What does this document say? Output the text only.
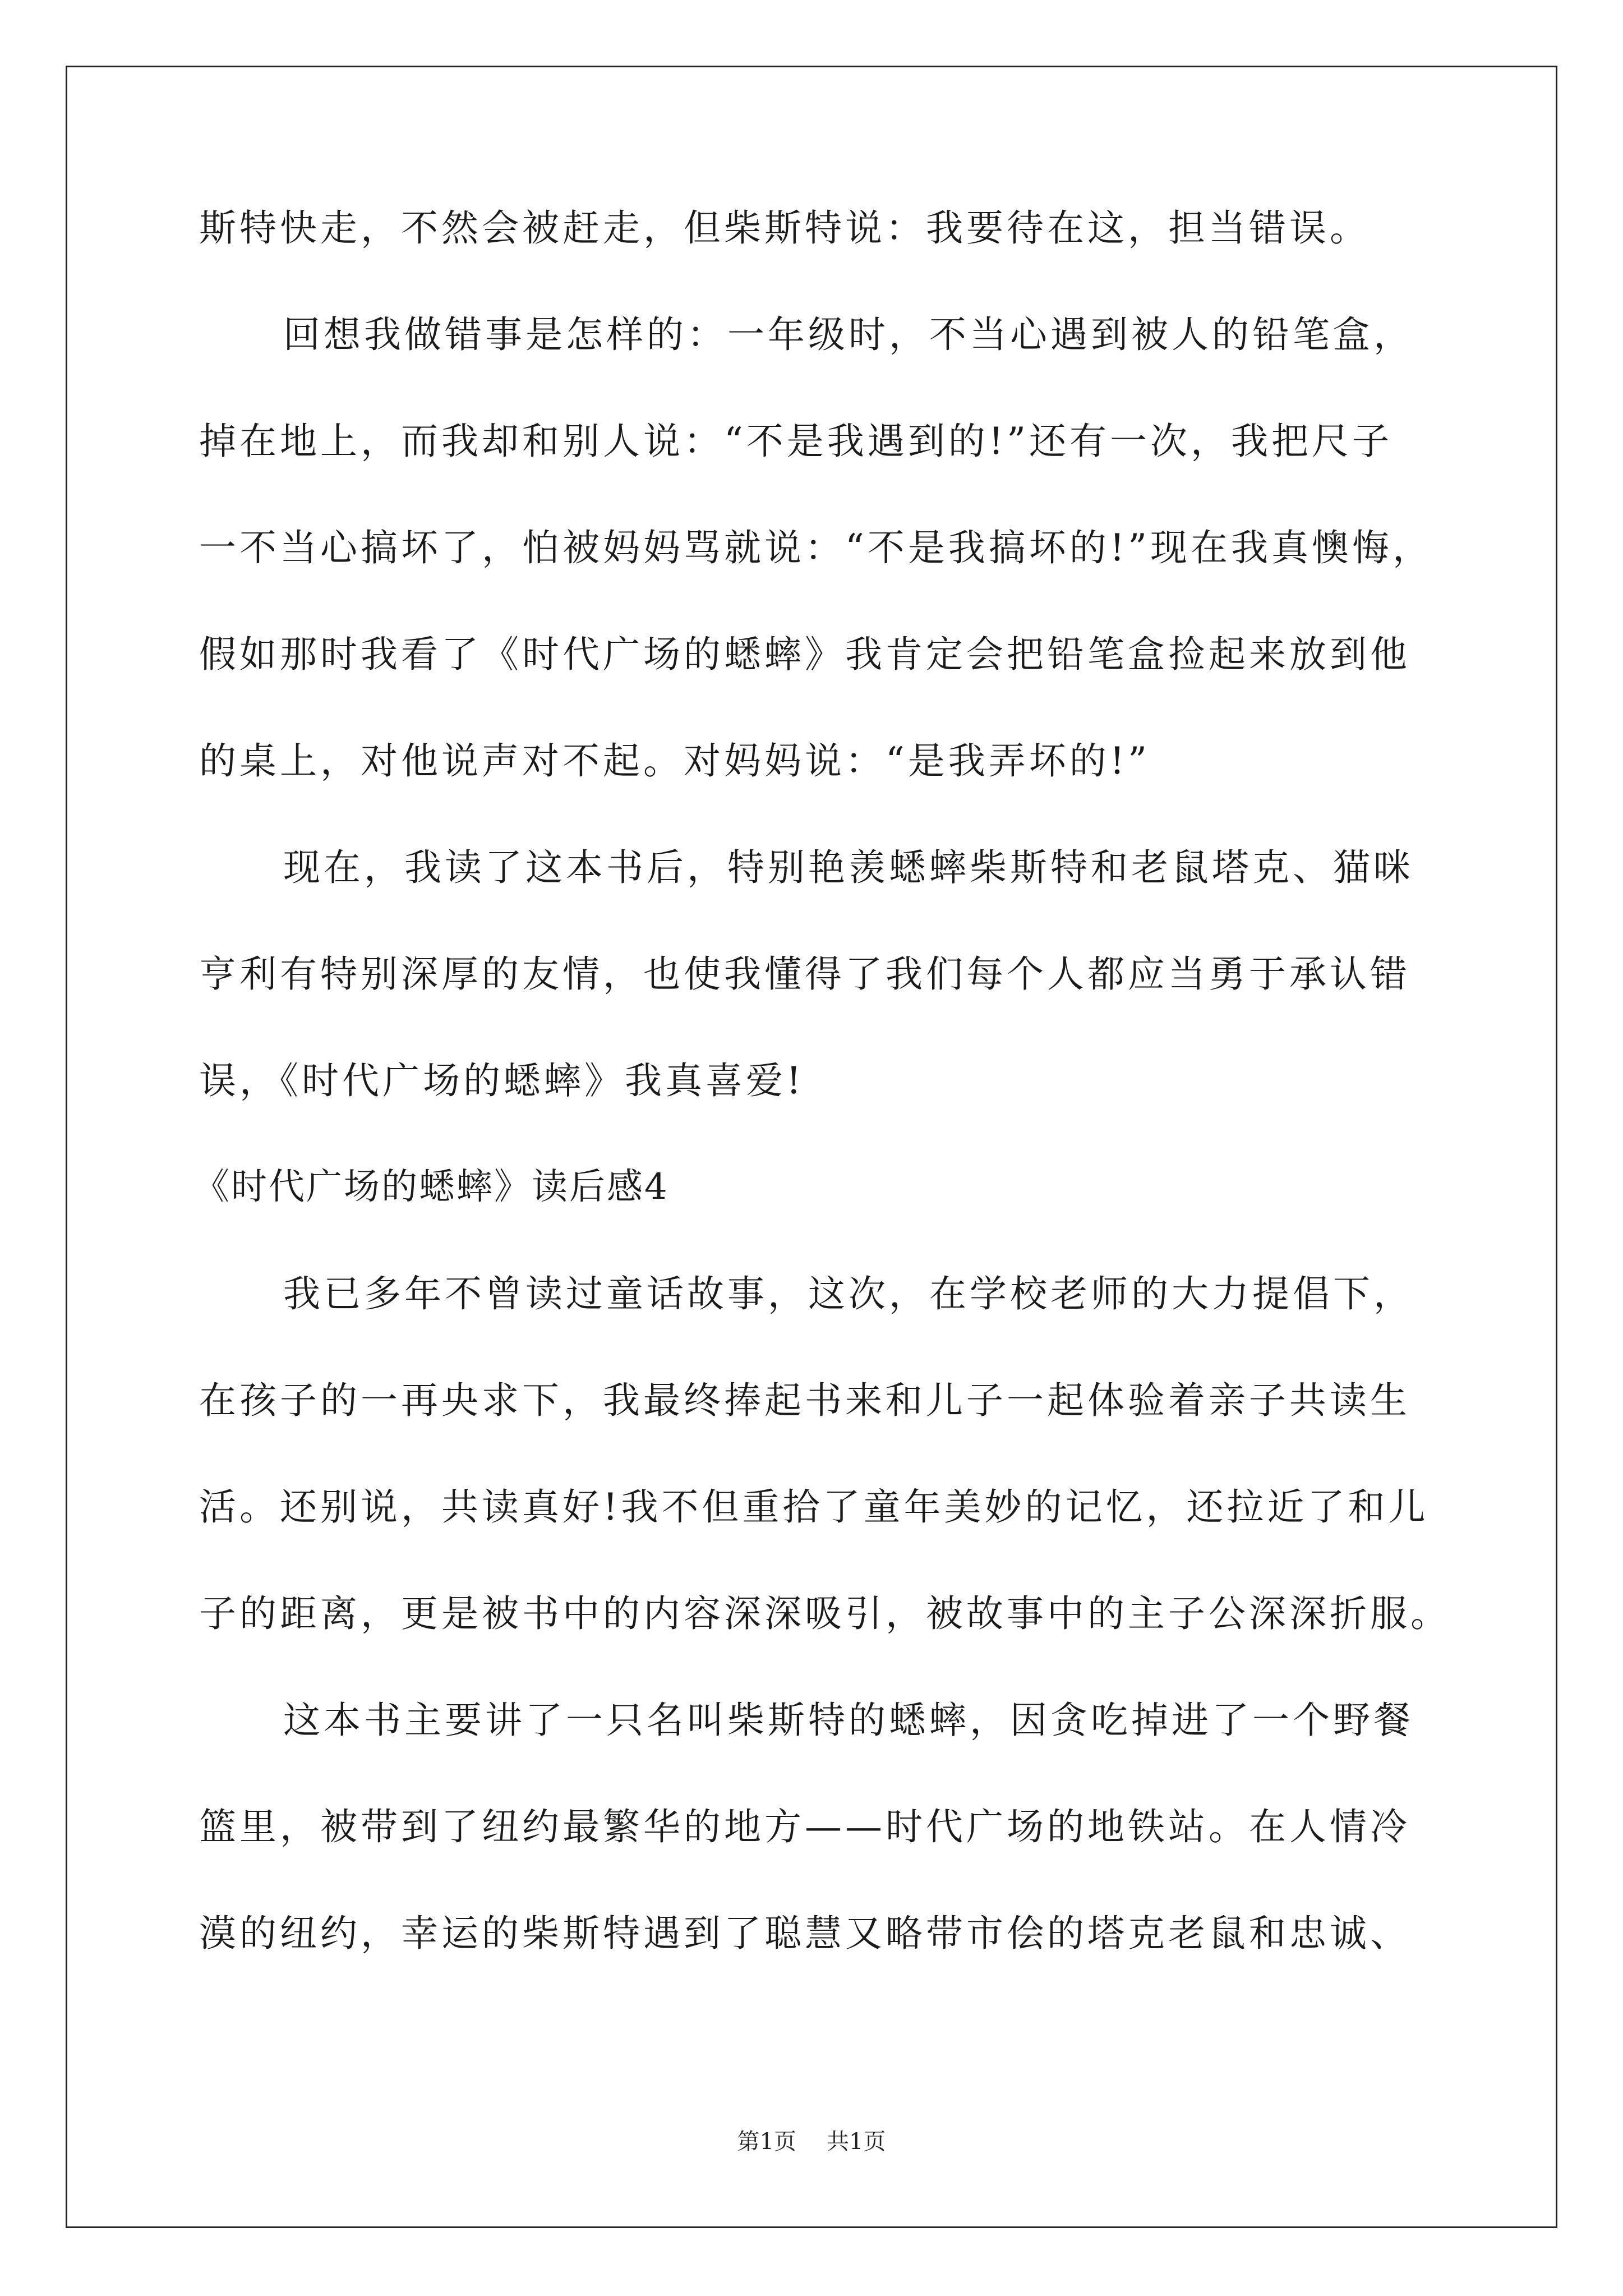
斯特快走，不然会被赶走，但柴斯特说：我要待在这，担当错误。
回想我做错事是怎样的：一年级时，不当心遇到被人的铅笔盒，
掉在地上，而我却和别人说：“不是我遇到的!”还有一次，我把尺子
一不当心搞坏了，怕被妈妈骂就说：“不是我搞坏的!”现在我真懊悔，
假如那时我看了《时代广场的蟋蟀》我肯定会把铅笔盒捡起来放到他
的桌上，对他说声对不起。对妈妈说：“是我弄坏的!”
现在，我读了这本书后，特别艳羡蟋蟀柴斯特和老鼠塔克、猫咪
亨利有特别深厚的友情，也使我懂得了我们每个人都应当勇于承认错
误，《时代广场的蟋蟀》我真喜爱!
《时代广场的蟋蟀》读后感4
我已多年不曾读过童话故事，这次，在学校老师的大力提倡下，
在孩子的一再央求下，我最终捧起书来和儿子一起体验着亲子共读生
活。还别说，共读真好!我不但重拾了童年美妙的记忆，还拉近了和儿
子的距离，更是被书中的内容深深吸引，被故事中的主子公深深折服。
这本书主要讲了一只名叫柴斯特的蟋蟀，因贪吃掉进了一个野餐
篮里，被带到了纽约最繁华的地方——时代广场的地铁站。在人情冷
漠的纽约，幸运的柴斯特遇到了聪慧又略带市侩的塔克老鼠和忠诚、
第1页 共1页
